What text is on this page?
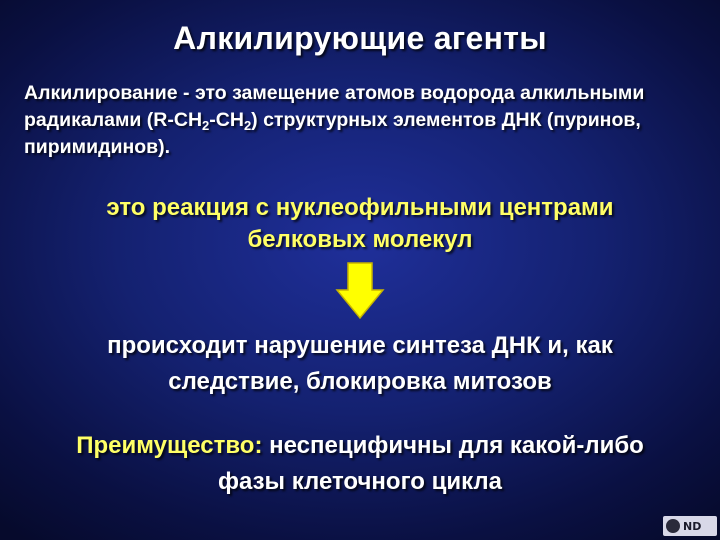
Алкилирующие агенты
Алкилирование - это замещение атомов водорода алкильными радикалами $(R-CH_2-CH_2)$ структурных элементов ДНК (пуринов, пиримидинов).
это реакция с нуклеофильными центрами
белковых молекул
происходит нарушение синтеза ДНК и, как
следствие, блокировка митозов
Преимущество: неспецифичны для какой-либо
фазы клеточного цикла
ND
